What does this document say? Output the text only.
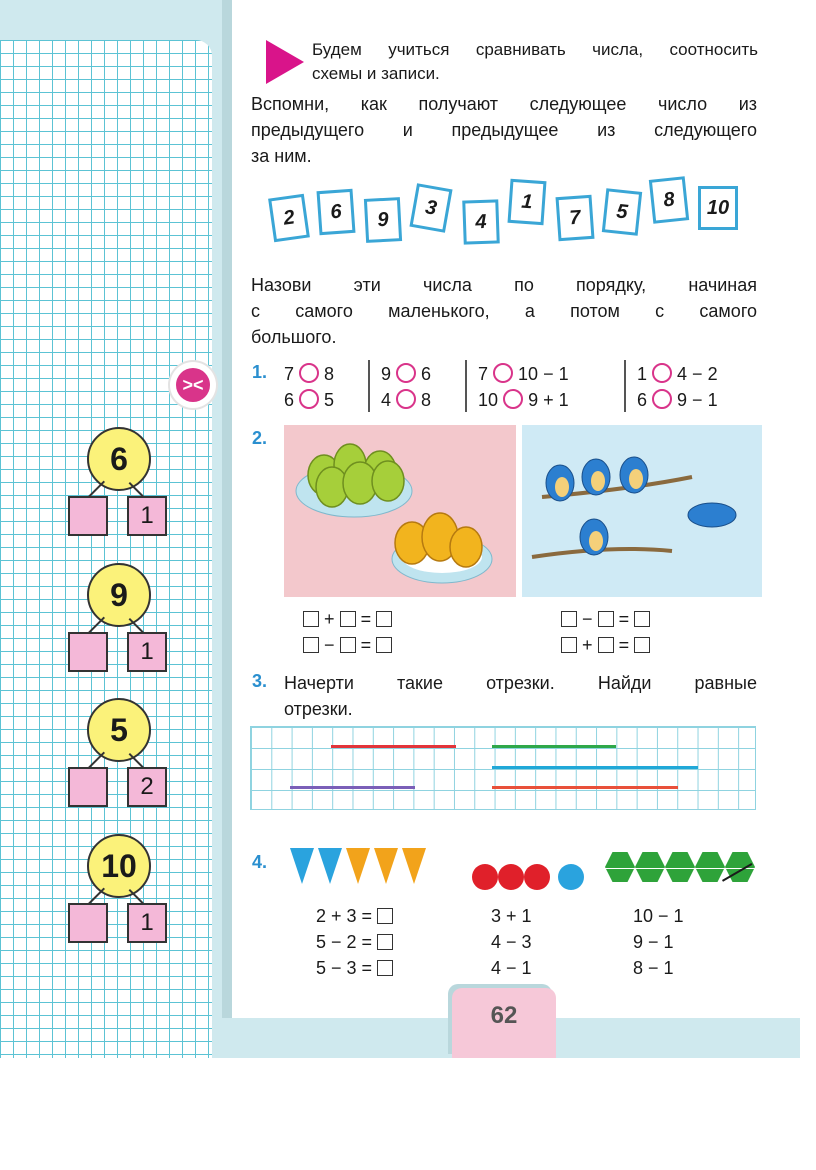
62
6
1
9
1
5
2
10
1
><
Будем учиться сравнивать числа, соотносить
схемы и записи.
Вспомни, как получают следующее число из
предыдущего и предыдущее из следующего
за ним.
2	6	9
3
4
1
7	5
8	10
Назови эти числа по порядку, начиная
с самого маленького, а потом с самого
большого.
1. 7 8
6 5
9 6
4 8
7 10 − 1
10 9 + 1
1 4 − 2
6 9 − 1
2.
+ =
− =
− =
+ =
3. Начерти такие отрезки. Найди равные
отрезки.
4.
2 + 3 =
5 − 2 =
5 − 3 =
3 + 1
4 − 3
4 − 1
10 − 1
9 − 1
8 − 1
